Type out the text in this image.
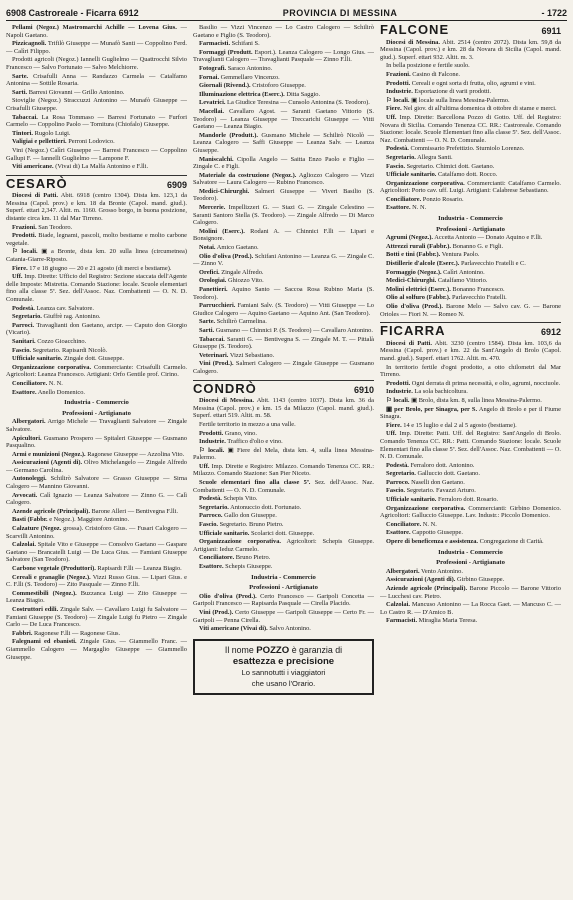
6908 Castroreale - Ficarra 6912	PROVINCIA DI MESSINA	- 1722

Pellami (Negoz.) Mastromarchi Achille — Lovena Gius. — Napoli Gaetano.

Pizzicagnoli. Trifilò Giuseppe — Munafò Santi — Coppolino Ferd. — Calìri Filippo.

Prodotti agricoli (Negoz.) Iannelli Guglielmo — Quattrocchi Silvio Francesco — Salvo Fortunato — Salvo Melchiorre.

Sarte. Crisafulli Anna — Randazzo Carmela — Catalfamo Antonina — Sottile Rosaria.

Sarti. Barresi Giovanni — Grillo Antonino.

Stoviglie (Negoz.) Straccuzzi Antonino — Munafò Giuseppe — Crisafulli Giuseppe.

Tabaccai. La Rosa Tommaso — Barresi Fortunato — Furfori Carmelo — Coppolino Paolo — Tornitura (Chiofalo) Giuseppe.

Tintori. Rugolo Luigi.

Valigiai e pellettieri. Perroni Lodovico.

Vini (Negoz.) Calìri Giuseppe — Barresi Francesco — Coppolino Gallupi F. — Iannelli Guglielmo — Lampone F.

Viti americane. (Vivai di) La Malfa Antonino e F.lli.

CESARÒ	6909

Diocesi di Patti. Abit. 6918 (centro 1304). Dista km. 123,1 da Messina (Capol. prov.) e km. 18 da Bronte (Capol. mand. giud.). Superf. ettari 2,347. Altit. m. 1160. Grosso borgo, in buona posizione, distante circa km. 11 dal Mar Tirreno.

Frazioni. San Teodoro.

Prodotti. Biade, legnami, pascoli, molto bestiame e molto carbone vegetale.

⚐ locali. ▣ a Bronte, dista km. 20 sulla linea (circumetnea) Catania-Giarre-Riposto.

Fiere. 17 e 18 giugno — 20 e 21 agosto (di merci e bestiame).

Uff. Imp. Dirette: Ufficio del Registro: Sezione staccata dell'Agente delle Imposte: Mistretta. Comando Stazione: locale. Scuole elementari fino alla classe 5ª. Sez. dell'Assoc. Naz. Combattenti — O. N. D. Comunale.

Podestà. Leanza cav. Salvatore.

Segretario. Giuffrè rag. Antonino.

Parroci. Travaglianti don Gaetano, arcipr. — Caputo don Giorgio (Vicario).

Sanitari. Cozzo Gioacchino.

Fascio. Segretario. Rapisardi Nicolò.

Ufficiale sanitario. Zingale dott. Giuseppe.

Organizzazione corporativa. Commerciante: Crisafulli Carmelo. Agricoltori: Leanza Francesco. Artigiani: Orfo Gentile prof. Cirino.

Conciliatore. N. N.

Esattore. Anello Domenico.

Industria - Commercio
Professioni - Artigianato

Albergatori. Arrigo Michele — Travaglianti Salvatore — Zingale Salvatore.

Apicultori. Gusmano Prospero — Spitaleri Giuseppe — Gusmano Pasqualino.

Armi e munizioni (Negoz.). Ragonese Giuseppe — Azzolina Vito.

Assicurazioni (Agenti di). Olivo Michelangelo — Zingale Alfredo — Germano Carolina.

Autonoleggi. Schilirò Salvatore — Grasso Giuseppe — Sirna Calogero — Mannino Giovanni.

Avvocati. Calì Ignazio — Leanza Salvatore — Zinno G. — Calì Calogero.

Azende agricole (Principali). Barone Alleri — Bentivegna F.lli.

Basti (Fabbr. e Negoz.). Maggiore Antonino.

Calzature (Negoz. grossa). Cristoforo Gius. — Fusari Calogero — Scarvilli Antonino.

Calzolai. Spitale Vito e Giuseppe — Consolvo Gaetano — Gaspare Gaetano — Brancatelli Luigi — De Luca Gius. — Famiani Giuseppe Salvatore (San Teodoro).

Carbone vegetale (Produttori). Rapisardi F.lli — Leanza Biagio.

Cereali e granaglie (Negoz.). Vizzi Russo Gius. — Lipari Gius. e C. F.lli (S. Teodoro) — Zito Pasquale — Zinno F.lli.

Commestibili (Negoz.). Buzzanca Luigi — Zito Giuseppe — Leanza Biagio.

Costruttori edili. Zingale Salv. — Cavallaro Luigi fu Salvatore — Famiani Giuseppe (S. Teodoro) — Zingale Luigi fu Pietro — Zingale Carlo — De Luca Francesco.

Fabbri. Ragonese F.lli — Ragonese Gius.

Falegnami ed ebanisti. Zingale Gius. — Giammello Franc. — Giammello Calogero — Margaglio Giuseppe — Giammello Giuseppe.

Basilio — Vizzi Vincenzo — Lo Castro Calogero — Schilirò Gaetano e Figlio (S. Teodoro).

Farmacisti. Schifani S.

Formaggi (Produtt. Esport.). Leanza Calogero — Longo Gius. — Travaglianti Calogero — Travaglianti Pasquale — Zinno F.lli.

Fotografi. Saraco Antonino.

Fornai. Gemmellaro Vincenzo.

Giornali (Rivend.). Cristoforo Giuseppe.

Illuminazione elettrica (Eserc.). Ditta Saggio.

Levatrici. La Giudice Teresina — Cunsolo Antonina (S. Teodoro).

Macellai. Cavallaro Agost. — Saranti Gaetano Vittorio (S. Teodoro) — Leanza Giuseppe — Treccarichi Giuseppe — Vitti Gaetano — Leanza Biagio.

Mandorle (Produtt.). Gusmano Michele — Schilirò Nicolò — Leanza Calogero — Saffi Giuseppe — Leanza Salv. — Leanza Giuseppe.

Maniscalchi. Cipolla Angelo — Saitta Enzo Paolo e Figlio — Zingale C. e Figli.

Materiale da costruzione (Negoz.). Agliozzo Calogero — Vizzi Salvatore — Laura Calogero — Rubino Francesco.

Medici-Chirurghi. Salmeri Giuseppe — Viveri Basilio (S. Teodoro).

Mercerie. Impellizzeri G. — Stazi G. — Zingale Celestino — Saranti Santoro Stella (S. Teodoro). — Zingale Alfredo — Di Marco Calogero.

Molini (Eserc.). Rodani A. — Chinnici F.lli — Lipari e Bonsignore.

Notai. Amico Gaetano.

Olio d'oliva (Prod.). Schifani Antonino — Leanza G. — Zingale C. — Zinno V.

Orefici. Zingale Alfredo.

Orologiai. Ghiozzo Vito.

Panettieri. Aquino Santo — Saccoa Rosa Rubino Maria (S. Teodoro).

Parrucchieri. Famiani Salv. (S. Teodoro) — Vitti Giuseppe — Lo Giudice Calogero — Aquino Gaetano — Aquino Ant. (San Teodoro).

Sarte. Schilirò Carmelina.

Sarti. Gusmano — Chinnici P. (S. Teodoro) — Cavallaro Antonino.

Tabaccai. Saranti G. — Bentivegna S. — Zingale M. T. — Pittalà Giuseppe (S. Teodoro).

Veterinari. Vizzi Sebastiano.

Vini (Prod.). Salmeri Calogero — Zingale Giuseppe — Gusmano Calogero.

CONDRÒ	6910

Diocesi di Messina. Abit. 1143 (centro 1037). Dista km. 36 da Messina (Capol. prov.) e km. 15 da Milazzo (Capol. mand. giud.). Superf. ettari 519. Altit. m. 58.

Fertile territorio in mezzo a una valle.

Prodotti. Grano, vino.

Industrie. Traffico d'olio e vino.

⚐ locali. ▣ Fiere del Mela, dista km. 4, sulla linea Messina-Palermo.

Uff. Imp. Dirette e Registro: Milazzo. Comando Tenenza CC. RR.: Milazzo. Comando Stazione: San Pier Niceto.

Scuole elementari fino alla classe 5ª. Sez. dell'Assoc. Naz. Combattenti — O. N. D. Comunale.

Podestà. Schepis Vito.

Segretario. Antonuccio dott. Fortunato.

Parroco. Gallo don Giuseppe.

Fascio. Segretario. Bruno Pietro.

Ufficiale sanitario. Scolarici dott. Giuseppe.

Organizzazione corporativa. Agricoltori: Schepis Giuseppe. Artigiani: Ieduz Carmelo.

Conciliatore. Bruno Pietro.

Esattore. Schepis Giuseppe.

Industria - Commercio
Professioni - Artigianato

Olio d'oliva (Prod.). Certo Francesco — Garipoli Concetta — Garipoli Francesco — Rapisarda Pasquale — Cirella Placido.

Vini (Prod.). Certo Giuseppe — Garipoli Giuseppe — Certo Fr. — Garipoli — Penna Cirella.

Viti americane (Vivai di). Salvo Antonino.

Il nome POZZO è garanzia di
esattezza e precisione
Lo sannotutti i viaggiatori
che usano l'Orario.
FALCONE	6911

Diocesi di Messina. Abit. 2514 (centro 2072). Dista km. 59,8 da Messina (Capol. prov.) e km. 28 da Novara di Sicilia (Capol. mand. giud.). Superf. ettari 932. Altit. m. 3.

In bella posizione e fertile suolo.

Frazioni. Casino di Falcone.

Prodotti. Cereali e ogni sorta di frutta, olio, agrumi e vini.

Industrie. Esportazione di varii prodotti.

⚐ locali. ▣ locale sulla linea Messina-Palermo.

Fiere. Nel giov. di all'ultima domenica di ottobre di stame e merci.

Uff. Imp. Dirette: Barcellona Pozzo di Gotto. Uff. del Registro: Novara di Sicilia. Comando Tenenza CC. RR.: Castroreale. Comando Stazione: locale. Scuole Elementari fino alla classe 5ª. Sez. dell'Assoc. Naz. Combattenti — O. N. D. Comunale.

Podestà. Commissario Prefettizio. Sturniolo Lorenzo.

Segretario. Allegra Santi.

Fascio. Segretario. Chimici dott. Gaetano.

Ufficiale sanitario. Catalfamo dott. Rocco.

Organizzazione corporativa. Commercianti: Catalfamo Carmelo. Agricoltori: Porto cav. uff. Luigi. Artigiani: Calabrese Sebastiano.

Conciliatore. Ponzio Rosario.

Esattore. N. N.

Industria - Commercio
Professioni - Artigianato

Agrumi (Negoz.). Accetta Antonio — Donato Aquino e F.lli.

Attrezzi rurali (Fabbr.). Bonanno G. e Figli.

Botti e tini (Fabbr.). Ventura Paolo.

Distillerie d'alcole (Eserc.). Parlavecchio Fratelli e C.

Formaggio (Negoz.). Calìri Antonino.

Medici-Chirurghi. Catalfamo Vittorio.

Molini elettrici (Eserc.). Bonanno Francesco.

Olio al solfuro (Fabbr.). Parlavecchio Fratelli.

Olio d'oliva (Prod.). Barone Melo — Salvo cav. G. — Barone Orioles — Fiori N. — Romeo N.

FICARRA	6912

Diocesi di Patti. Abit. 3230 (centro 1584). Dista km. 103,6 da Messina (Capol. prov.) e km. 22 da Sant'Angelo di Brolo (Capol. mand. giud.). Superf. ettari 1762. Altit. m. 470.

In territorio fertile d'ogni prodotto, a otto chilometri dal Mar Tirreno.

Prodotti. Ogni derrata di prima necessità, e olio, agrumi, nocciuole.

Industrie. La sola bachicoltura.

⚐ locali. ▣ Brolo, dista km. 8, sulla linea Messina-Palermo.

▣ per Brolo, per Sinagra, per S. Angelo di Brolo e per il Fiume Sinagra.

Fiere. 14 e 15 luglio e dal 2 al 5 agosto (bestiame).

Uff. Imp. Dirette: Patti. Uff. del Registro: Sant'Angelo di Brolo. Comando Tenenza CC. RR.: Patti. Comando Stazione: locale. Scuole Elementari fino alla classe 5ª. Sez. dell'Assoc. Naz. Combattenti — O. N. D. Comunale.

Podestà. Ferraloro dott. Antonino.

Segretario. Galluccio dott. Gaetano.

Parroco. Naselli don Gaetano.

Fascio. Segretario. Favazzi Arturo.

Ufficiale sanitario. Ferraloro dott. Rosario.

Organizzazione corporativa. Commercianti: Girbino Domenico. Agricoltori: Galluccio Giuseppe. Lav. Industr.: Piccolo Domenico.

Conciliatore. N. N.

Esattore. Cappotto Giuseppe.

Opere di beneficenza e assistenza. Congregazione di Carità.

Industria - Commercio
Professioni - Artigianato

Albergatori. Vento Antonino.

Assicurazioni (Agenti di). Girbino Giuseppe.

Aziende agricole (Principali). Barone Piccolo — Barone Vittorio — Lucchesi cav. Pietro.

Calzolai. Mancuso Antonino — La Rocca Gaet. — Mancuso C. — Lo Castro R. — D'Amico B.

Farmacisti. Miraglia Maria Teresa.
